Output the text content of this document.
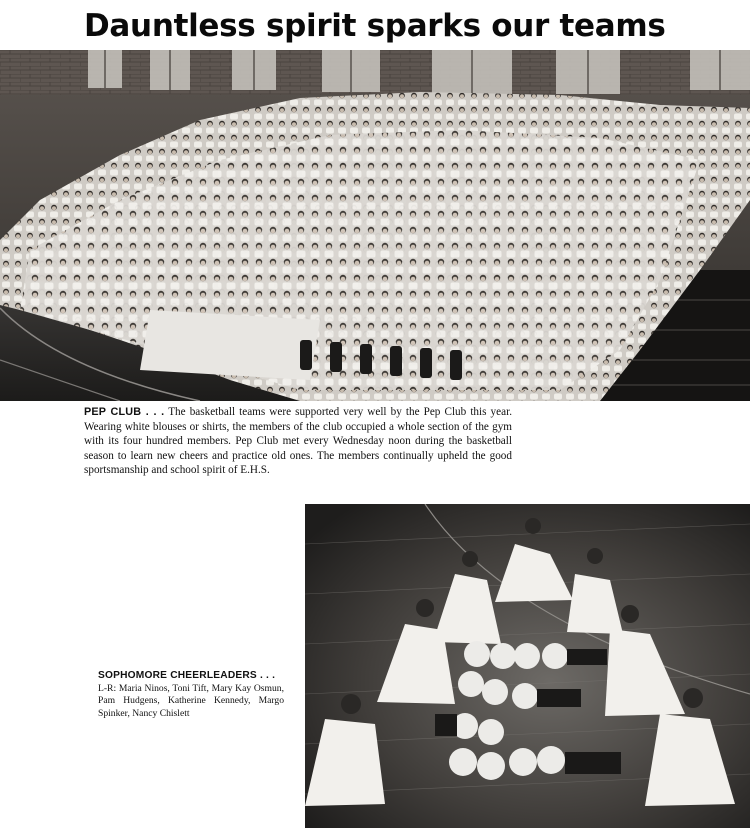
Dauntless spirit sparks our teams

PEP CLUB . . . The basketball teams were supported very well by the Pep Club this year. Wearing white blouses or shirts, the members of the club occupied a whole section of the gym with its four hundred members. Pep Club met every Wednesday noon during the basketball season to learn new cheers and practice old ones. The members continually upheld the good sportsmanship and school spirit of E.H.S.

SOPHOMORE CHEERLEADERS . . .
L-R: Maria Ninos, Toni Tift, Mary Kay Osmun, Pam Hudgens, Katherine Kennedy, Margo Spinker, Nancy Chislett
